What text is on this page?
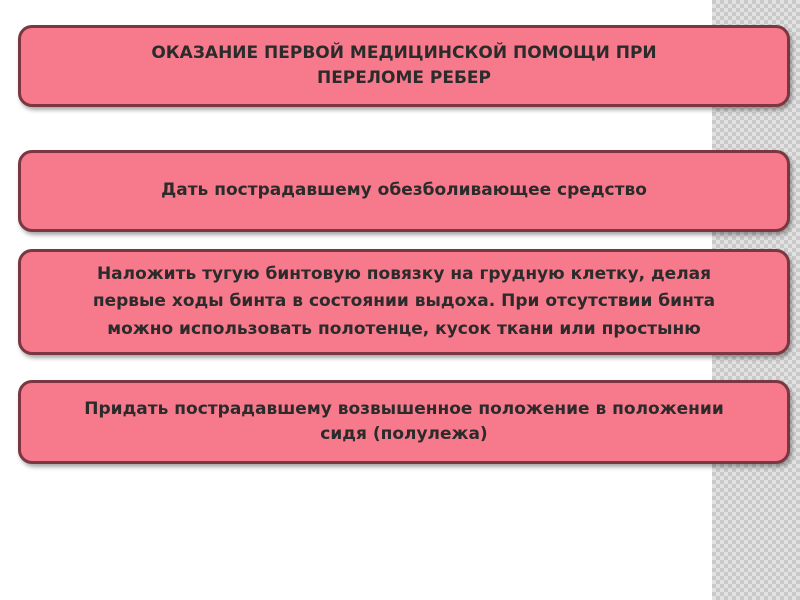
ОКАЗАНИЕ ПЕРВОЙ МЕДИЦИНСКОЙ ПОМОЩИ ПРИ
ПЕРЕЛОМЕ РЕБЕР
Дать пострадавшему обезболивающее средство
Наложить тугую бинтовую повязку на грудную клетку, делая
первые ходы бинта в состоянии выдоха. При отсутствии бинта
можно использовать полотенце, кусок ткани или простыню
Придать пострадавшему возвышенное положение в положении
сидя (полулежа)
